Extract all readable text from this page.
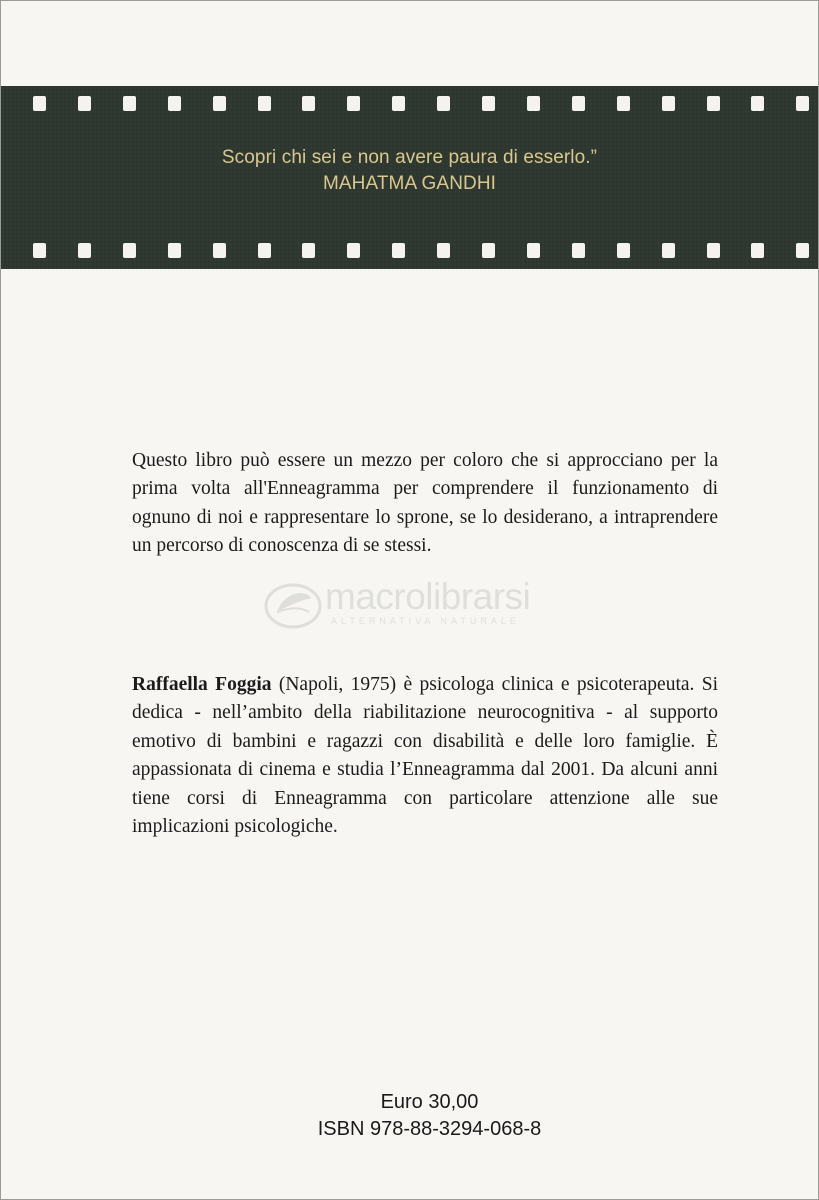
Scopri chi sei e non avere paura di esserlo.”
MAHATMA GANDHI

Questo libro può essere un mezzo per coloro che si approcciano per la prima volta all'Enneagramma per comprendere il funzionamento di ognuno di noi e rappresentare lo sprone, se lo desiderano, a intraprendere un percorso di conoscenza di se stessi.

macrolibrarsi
ALTERNATIVA NATURALE

Raffaella Foggia (Napoli, 1975) è psicologa clinica e psicoterapeuta. Si dedica - nell’ambito della riabilitazione neurocognitiva - al supporto emotivo di bambini e ragazzi con disabilità e delle loro famiglie. È appassionata di cinema e studia l’Enneagramma dal 2001. Da alcuni anni tiene corsi di Enneagramma con particolare attenzione alle sue implicazioni psicologiche.

Euro 30,00
ISBN 978-88-3294-068-8
